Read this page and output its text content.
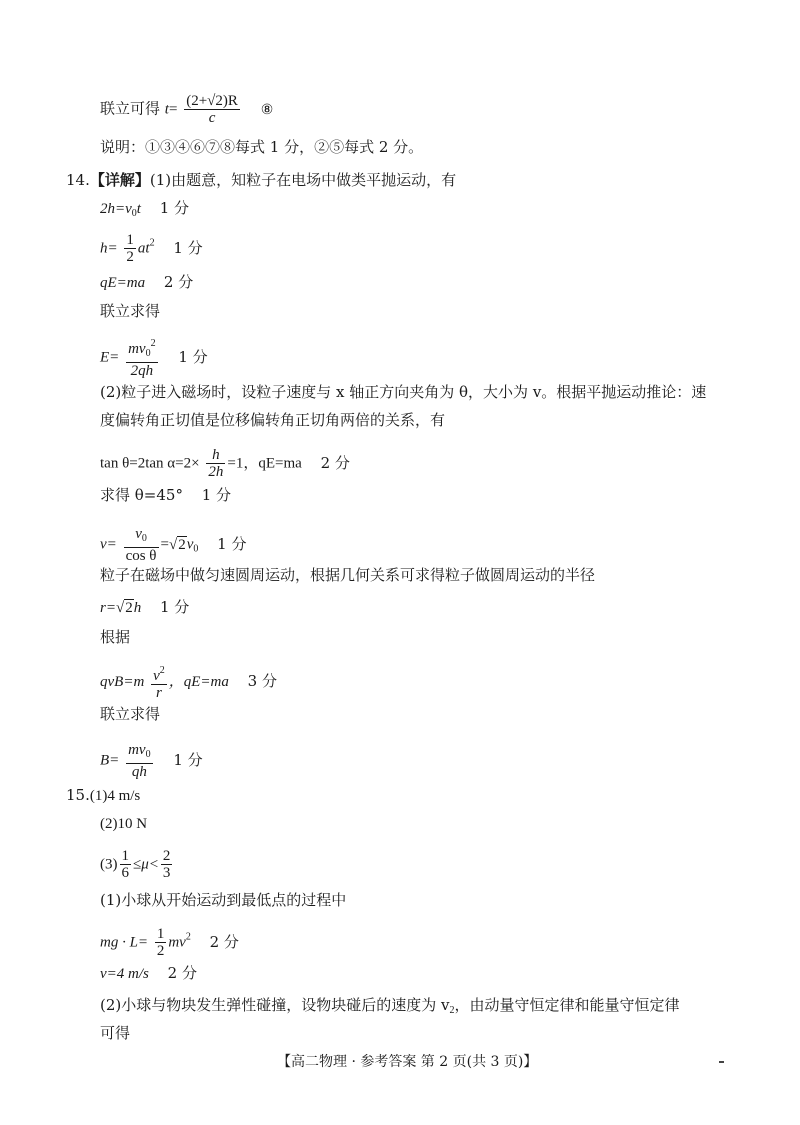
联立可得 $t= \frac{(2+√2)R}{c}$ ⑧
说明：①③④⑥⑦⑧每式 1 分，②⑤每式 2 分。
14.【详解】(1)由题意，知粒子在电场中做类平抛运动，有
$2h=v_0t$ 1 分
$h= \frac{1}{2} at^2$ 1 分
qE=ma 2 分
联立求得
$E= \frac{mv_0^2}{2qh} 1$ 分
(2)粒子进入磁场时，设粒子速度与 x 轴正方向夹角为 θ，大小为 v。根据平抛运动推论：速
度偏转角正切值是位移偏转角正切角两倍的关系，有
tan θ=2tan $\alpha=2\times \frac{h}{2h} =1$，qE=ma 2 分
求得 θ=45° 1 分
$v= \frac{v_0}{\text{cos θ}} =√2v_0$ 1 分
粒子在磁场中做匀速圆周运动，根据几何关系可求得粒子做圆周运动的半径
r=√2h 1 分
根据
$qvB=m \frac{v^2}{r}$ ，qE=ma 3 分
联立求得
$B= \frac{mv_0}{qh} 1$ 分
15.(1)4 m/s
(2)10 N
$(3) \frac{1}{6} \le\mu< \frac{2}{3}$
(1)小球从开始运动到最低点的过程中
mg · $L= \frac{1}{2} mv^2$ 2 分
v=4 m/s 2 分
(2)小球与物块发生弹性碰撞，设物块碰后的速度为 $v_2$，由动量守恒定律和能量守恒定律
可得
【高二物理 · 参考答案 第 2 页(共 3 页)】
